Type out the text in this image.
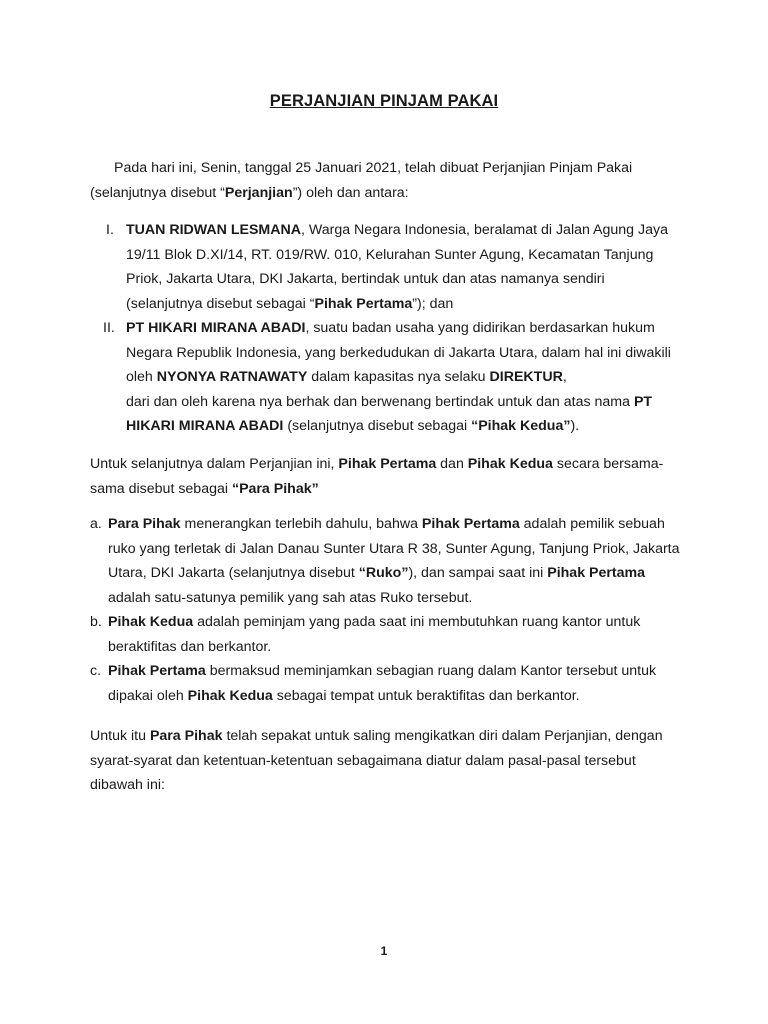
PERJANJIAN PINJAM PAKAI
Pada hari ini, Senin, tanggal 25 Januari 2021, telah dibuat Perjanjian Pinjam Pakai (selanjutnya disebut “Perjanjian”) oleh dan antara:
I. TUAN RIDWAN LESMANA, Warga Negara Indonesia, beralamat di Jalan Agung Jaya 19/11 Blok D.XI/14, RT. 019/RW. 010, Kelurahan Sunter Agung, Kecamatan Tanjung Priok, Jakarta Utara, DKI Jakarta, bertindak untuk dan atas namanya sendiri (selanjutnya disebut sebagai “Pihak Pertama”); dan
II. PT HIKARI MIRANA ABADI, suatu badan usaha yang didirikan berdasarkan hukum Negara Republik Indonesia, yang berkedudukan di Jakarta Utara, dalam hal ini diwakili oleh NYONYA RATNAWATY dalam kapasitas nya selaku DIREKTUR,
dari dan oleh karena nya berhak dan berwenang bertindak untuk dan atas nama PT HIKARI MIRANA ABADI (selanjutnya disebut sebagai “Pihak Kedua”).
Untuk selanjutnya dalam Perjanjian ini, Pihak Pertama dan Pihak Kedua secara bersama-sama disebut sebagai “Para Pihak”
a. Para Pihak menerangkan terlebih dahulu, bahwa Pihak Pertama adalah pemilik sebuah ruko yang terletak di Jalan Danau Sunter Utara R 38, Sunter Agung, Tanjung Priok, Jakarta Utara, DKI Jakarta (selanjutnya disebut “Ruko”), dan sampai saat ini Pihak Pertama adalah satu-satunya pemilik yang sah atas Ruko tersebut.
b. Pihak Kedua adalah peminjam yang pada saat ini membutuhkan ruang kantor untuk beraktifitas dan berkantor.
c. Pihak Pertama bermaksud meminjamkan sebagian ruang dalam Kantor tersebut untuk dipakai oleh Pihak Kedua sebagai tempat untuk beraktifitas dan berkantor.
Untuk itu Para Pihak telah sepakat untuk saling mengikatkan diri dalam Perjanjian, dengan syarat-syarat dan ketentuan-ketentuan sebagaimana diatur dalam pasal-pasal tersebut dibawah ini:
1
